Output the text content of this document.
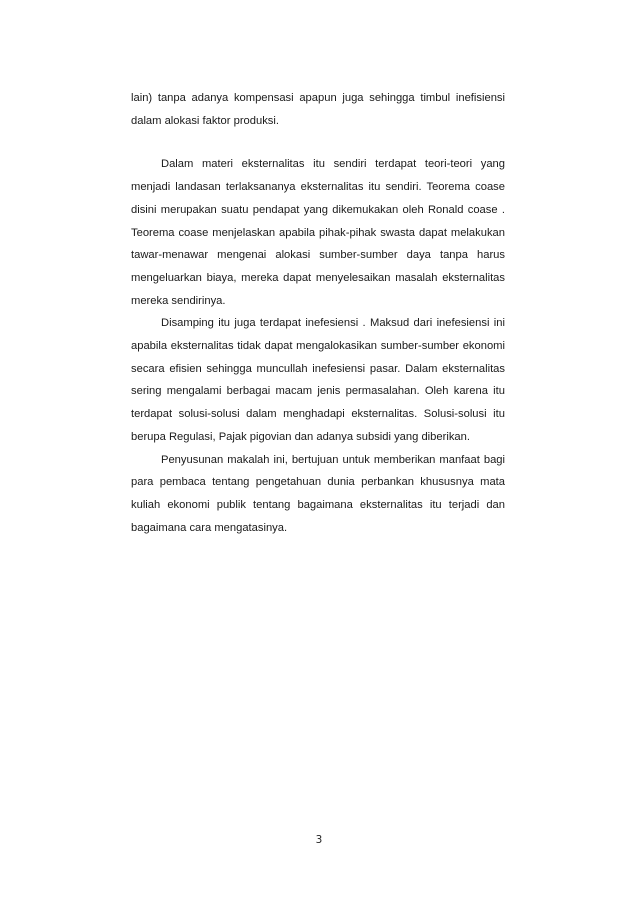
lain) tanpa adanya kompensasi apapun juga sehingga timbul inefisiensi dalam alokasi faktor produksi.

Dalam materi eksternalitas itu sendiri terdapat teori-teori yang menjadi landasan terlaksananya eksternalitas itu sendiri. Teorema coase disini merupakan suatu pendapat yang dikemukakan oleh Ronald coase . Teorema coase menjelaskan apabila pihak-pihak swasta dapat melakukan tawar-menawar mengenai alokasi sumber-sumber daya tanpa harus mengeluarkan biaya, mereka dapat menyelesaikan masalah eksternalitas mereka sendirinya.

Disamping itu juga terdapat inefesiensi . Maksud dari inefesiensi ini apabila eksternalitas tidak dapat mengalokasikan sumber-sumber ekonomi secara efisien sehingga muncullah inefesiensi pasar. Dalam eksternalitas sering mengalami berbagai macam jenis permasalahan. Oleh karena itu terdapat solusi-solusi dalam menghadapi eksternalitas. Solusi-solusi itu berupa Regulasi, Pajak pigovian dan adanya subsidi yang diberikan.

Penyusunan makalah ini, bertujuan untuk memberikan manfaat bagi para pembaca tentang pengetahuan dunia perbankan khususnya mata kuliah ekonomi publik tentang bagaimana eksternalitas itu terjadi dan bagaimana cara mengatasinya.

3
